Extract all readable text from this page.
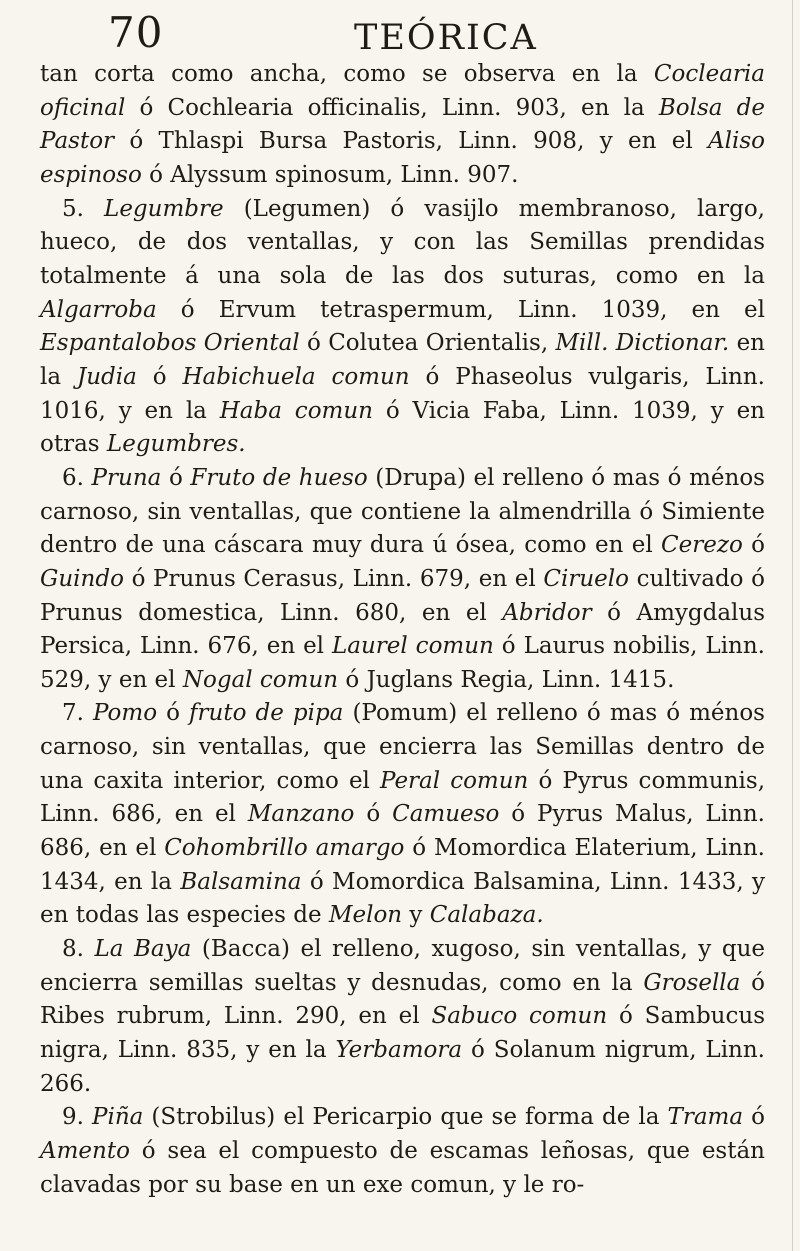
70	TEÓRICA

tan corta como ancha, como se observa en la Coclearia oficinal ó Cochlearia officinalis, Linn. 903, en la Bolsa de Pastor ó Thlaspi Bursa Pastoris, Linn. 908, y en el Aliso espinoso ó Alyssum spinosum, Linn. 907.

5. Legumbre (Legumen) ó vasijlo membranoso, largo, hueco, de dos ventallas, y con las Semillas prendidas totalmente á una sola de las dos suturas, como en la Algarroba ó Ervum tetraspermum, Linn. 1039, en el Espantalobos Oriental ó Colutea Orientalis, Mill. Dictionar. en la Judia ó Habichuela comun ó Phaseolus vulgaris, Linn. 1016, y en la Haba comun ó Vicia Faba, Linn. 1039, y en otras Legumbres.

6. Pruna ó Fruto de hueso (Drupa) el relleno ó mas ó ménos carnoso, sin ventallas, que contiene la almendrilla ó Simiente dentro de una cáscara muy dura ú ósea, como en el Cerezo ó Guindo ó Prunus Cerasus, Linn. 679, en el Ciruelo cultivado ó Prunus domestica, Linn. 680, en el Abridor ó Amygdalus Persica, Linn. 676, en el Laurel comun ó Laurus nobilis, Linn. 529, y en el Nogal comun ó Juglans Regia, Linn. 1415.

7. Pomo ó fruto de pipa (Pomum) el relleno ó mas ó ménos carnoso, sin ventallas, que encierra las Semillas dentro de una caxita interior, como el Peral comun ó Pyrus communis, Linn. 686, en el Manzano ó Camueso ó Pyrus Malus, Linn. 686, en el Cohombrillo amargo ó Momordica Elaterium, Linn. 1434, en la Balsamina ó Momordica Balsamina, Linn. 1433, y en todas las especies de Melon y Calabaza.

8. La Baya (Bacca) el relleno, xugoso, sin ventallas, y que encierra semillas sueltas y desnudas, como en la Grosella ó Ribes rubrum, Linn. 290, en el Sabuco comun ó Sambucus nigra, Linn. 835, y en la Yerbamora ó Solanum nigrum, Linn. 266.

9. Piña (Strobilus) el Pericarpio que se forma de la Trama ó Amento ó sea el compuesto de escamas leñosas, que están clavadas por su base en un exe comun, y le ro-
